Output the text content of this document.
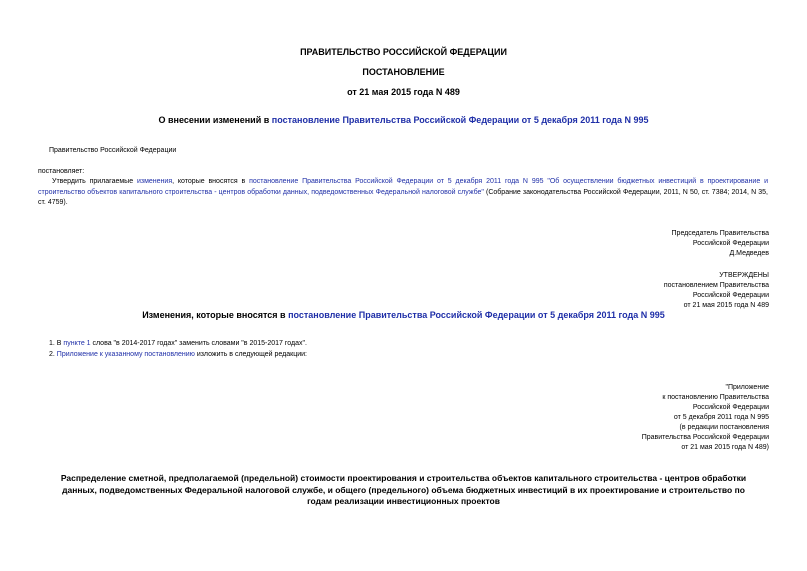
ПРАВИТЕЛЬСТВО РОССИЙСКОЙ ФЕДЕРАЦИИ
ПОСТАНОВЛЕНИЕ
от 21 мая 2015 года N 489
О внесении изменений в постановление Правительства Российской Федерации от 5 декабря 2011 года N 995
Правительство Российской Федерации
постановляет:
Утвердить прилагаемые изменения, которые вносятся в постановление Правительства Российской Федерации от 5 декабря 2011 года N 995 "Об осуществлении бюджетных инвестиций в проектирование и строительство объектов капитального строительства - центров обработки данных, подведомственных Федеральной налоговой службе" (Собрание законодательства Российской Федерации, 2011, N 50, ст. 7384; 2014, N 35, ст. 4759).
Председатель Правительства
Российской Федерации
Д.Медведев
УТВЕРЖДЕНЫ
постановлением Правительства
Российской Федерации
от 21 мая 2015 года N 489
Изменения, которые вносятся в постановление Правительства Российской Федерации от 5 декабря 2011 года N 995
1. В пункте 1 слова "в 2014-2017 годах" заменить словами "в 2015-2017 годах".
2. Приложение к указанному постановлению изложить в следующей редакции:
"Приложение
к постановлению Правительства
Российской Федерации
от 5 декабря 2011 года N 995
(в редакции постановления
Правительства Российской Федерации
от 21 мая 2015 года N 489)
Распределение сметной, предполагаемой (предельной) стоимости проектирования и строительства объектов капитального строительства - центров обработки
данных, подведомственных Федеральной налоговой службе, и общего (предельного) объема бюджетных инвестиций в их проектирование и строительство по
годам реализации инвестиционных проектов
